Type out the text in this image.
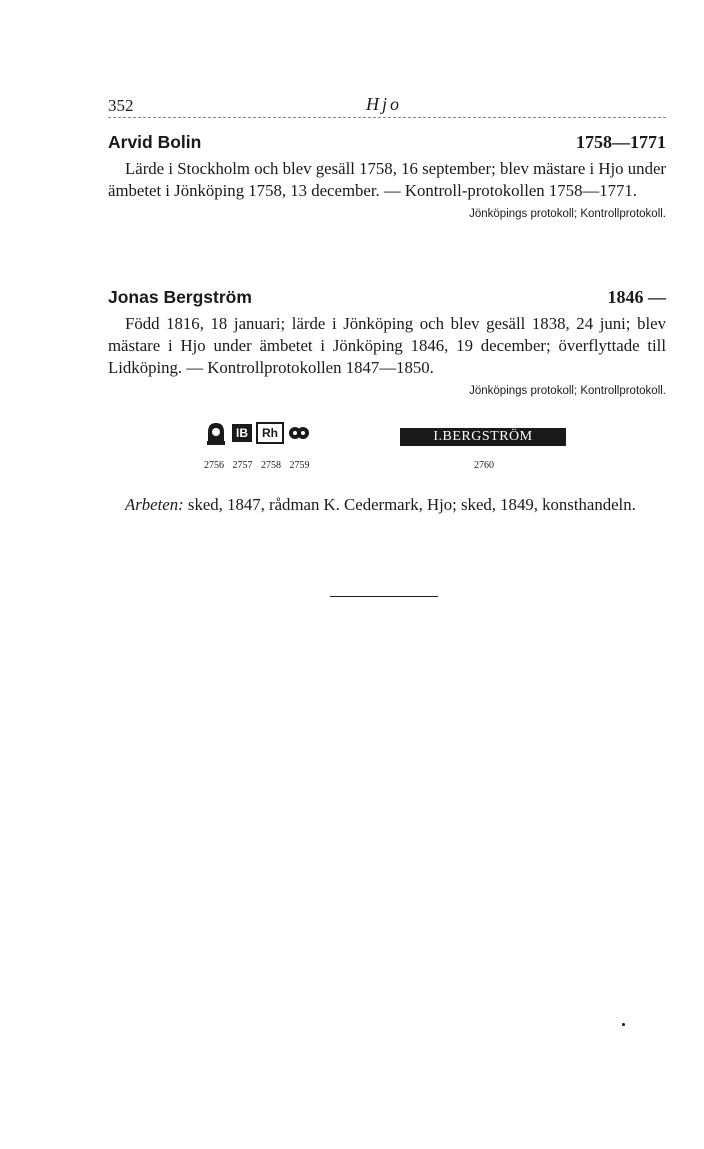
352	Hjo
Arvid Bolin	1758—1771

Lärde i Stockholm och blev gesäll 1758, 16 september; blev mästare i Hjo under ämbetet i Jönköping 1758, 13 december. — Kontroll-protokollen 1758—1771.

Jönköpings protokoll; Kontrollprotokoll.
Jonas Bergström	1846 —

Född 1816, 18 januari; lärde i Jönköping och blev gesäll 1838, 24 juni; blev mästare i Hjo under ämbetet i Jönköping 1846, 19 december; överflyttade till Lidköping. — Kontrollprotokollen 1847—1850.

Jönköpings protokoll; Kontrollprotokoll.
IB	Rh
2756 2757 2758 2759
I.BERGSTRÖM
2760

Arbeten: sked, 1847, rådman K. Cedermark, Hjo; sked, 1849, konsthandeln.
